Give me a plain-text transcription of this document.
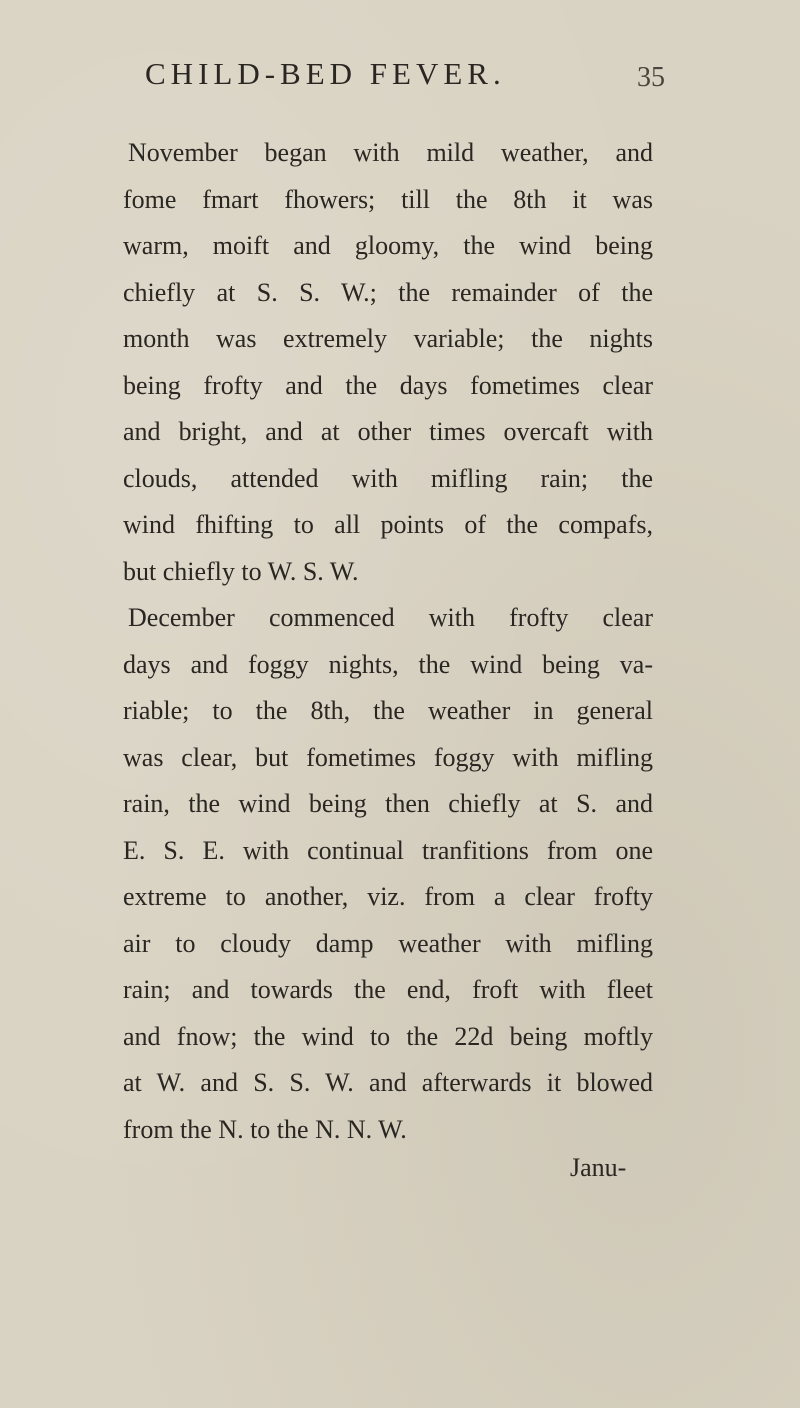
CHILD-BED FEVER.	35
November began with mild weather, and
fome fmart fhowers; till the 8th it was
warm, moift and gloomy, the wind being
chiefly at S. S. W.; the remainder of the
month was extremely variable; the nights
being frofty and the days fometimes clear
and bright, and at other times overcaft with
clouds, attended with mifling rain; the
wind fhifting to all points of the compafs,
but chiefly to W. S. W.
December commenced with frofty clear
days and foggy nights, the wind being va-
riable; to the 8th, the weather in general
was clear, but fometimes foggy with mifling
rain, the wind being then chiefly at S. and
E. S. E. with continual tranfitions from one
extreme to another, viz. from a clear frofty
air to cloudy damp weather with mifling
rain; and towards the end, froft with fleet
and fnow; the wind to the 22d being moftly
at W. and S. S. W. and afterwards it blowed
from the N. to the N. N. W.
Janu-
